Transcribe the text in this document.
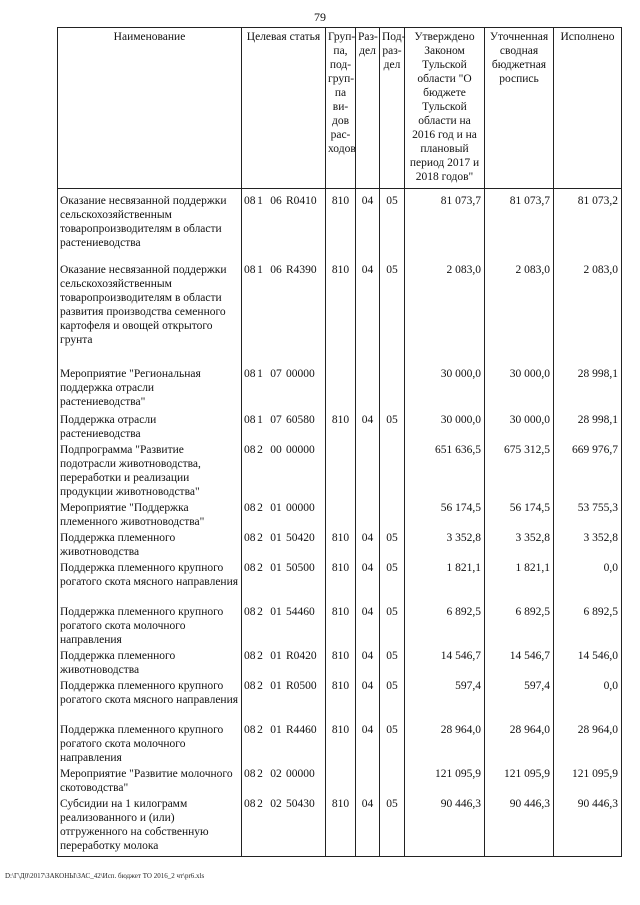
79
Наименование	Целевая статья	Груп-па, под-груп-па ви-дов рас-ходов	Раз-дел	Под-раз-дел	Утверждено Законом Тульской области "О бюджете Тульской области на 2016 год и на плановый период 2017 и 2018 годов"	Уточненная сводная бюджетная роспись	Исполнено
Оказание несвязанной поддержки сельскохозяйственным товаропроизводителям в области растениеводства	08 1 06 R0410	810	04	05	81 073,7	81 073,7	81 073,2
Оказание несвязанной поддержки сельскохозяйственным товаропроизводителям в области развития производства семенного картофеля и овощей открытого грунта	08 1 06 R4390	810	04	05	2 083,0	2 083,0	2 083,0
Мероприятие "Региональная поддержка отрасли растениеводства"	08 1 07 00000				30 000,0	30 000,0	28 998,1
Поддержка отрасли растениеводства	08 1 07 60580	810	04	05	30 000,0	30 000,0	28 998,1
Подпрограмма "Развитие подотрасли животноводства, переработки и реализации продукции животноводства"	08 2 00 00000				651 636,5	675 312,5	669 976,7
Мероприятие "Поддержка племенного животноводства"	08 2 01 00000				56 174,5	56 174,5	53 755,3
Поддержка племенного животноводства	08 2 01 50420	810	04	05	3 352,8	3 352,8	3 352,8
Поддержка племенного крупного рогатого скота мясного направления	08 2 01 50500	810	04	05	1 821,1	1 821,1	0,0
Поддержка племенного крупного рогатого скота молочного направления	08 2 01 54460	810	04	05	6 892,5	6 892,5	6 892,5
Поддержка племенного животноводства	08 2 01 R0420	810	04	05	14 546,7	14 546,7	14 546,0
Поддержка племенного крупного рогатого скота мясного направления	08 2 01 R0500	810	04	05	597,4	597,4	0,0
Поддержка племенного крупного рогатого скота молочного направления	08 2 01 R4460	810	04	05	28 964,0	28 964,0	28 964,0
Мероприятие "Развитие молочного скотоводства"	08 2 02 00000				121 095,9	121 095,9	121 095,9
Субсидии на 1 килограмм реализованного и (или) отгруженного на собственную переработку молока	08 2 02 50430	810	04	05	90 446,3	90 446,3	90 446,3
D:\Г\Д0\2017\ЗАКОНЫ\ЗАС_42\Исп. бюджет ТО 2016_2 чт\pr6.xls
